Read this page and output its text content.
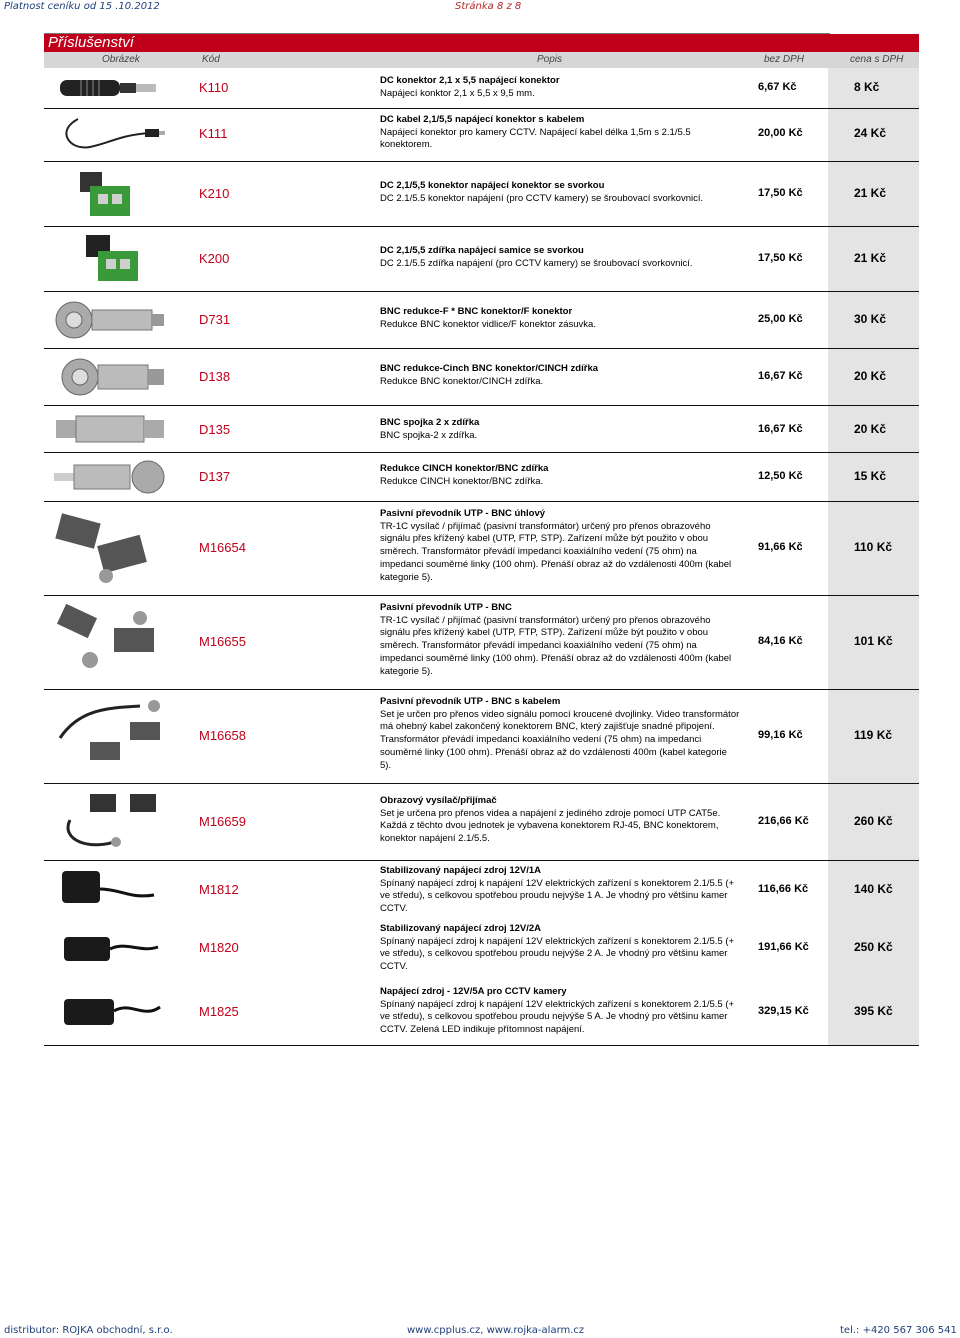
Platnost ceníku od 15 .10.2012	Stránka 8 z 8
Příslušenství
Obrázek	Kód	Popis	bez DPH	cena s DPH
K110	DC konektor 2,1 x 5,5 napájecí konektor
Napájecí konktor 2,1 x 5,5 x 9,5 mm.
6,67 Kč	8 Kč
K111
DC kabel 2,1/5,5 napájecí konektor s kabelem
Napájecí konektor pro kamery CCTV. Napájecí kabel délka 1,5m s 2.1/5.5 konektorem.
20,00 Kč	24 Kč
K210
DC 2,1/5,5 konektor napájecí konektor se svorkou
DC 2.1/5.5 konektor napájení (pro CCTV kamery) se šroubovací svorkovnicí.	17,50 Kč	21 Kč
K200
DC 2,1/5,5 zdířka napájecí samice se svorkou
DC 2.1/5.5 zdířka napájení (pro CCTV kamery) se šroubovací svorkovnicí.	17,50 Kč	21 Kč
D731
BNC redukce-F * BNC konektor/F konektor
Redukce BNC konektor vidlice/F konektor zásuvka.	25,00 Kč	30 Kč
D138
BNC redukce-Cinch BNC konektor/CINCH zdířka
Redukce BNC konektor/CINCH zdířka.	16,67 Kč	20 Kč
D135	BNC spojka 2 x zdířka
BNC spojka-2 x zdířka.
16,67 Kč	20 Kč
D137
Redukce CINCH konektor/BNC zdířka
Redukce CINCH konektor/BNC zdířka.	12,50 Kč	15 Kč
M16654
Pasivní převodník UTP - BNC úhlový
TR-1C vysílač / přijímač (pasivní transformátor) určený pro přenos obrazového signálu přes křížený kabel (UTP, FTP, STP). Zařízení může být použito v obou směrech. Transformátor převádí impedanci koaxiálního vedení (75 ohm) na impedanci souměrné linky (100 ohm). Přenáší obraz až do vzdálenosti 400m (kabel kategorie 5).
91,66 Kč	110 Kč
M16655
Pasivní převodník UTP - BNC
TR-1C vysílač / přijímač (pasivní transformátor) určený pro přenos obrazového signálu přes křížený kabel (UTP, FTP, STP). Zařízení může být použito v obou směrech. Transformátor převádí impedanci koaxiálního vedení (75 ohm) na impedanci souměrné linky (100 ohm). Přenáší obraz až do vzdálenosti 400m (kabel kategorie 5).
84,16 Kč	101 Kč
M16658
Pasivní převodník UTP - BNC s kabelem
Set je určen pro přenos video signálu pomocí kroucené dvojlinky. Video transformátor má ohebný kabel zakončený konektorem BNC, který zajišťuje snadné připojení. Transformátor převádí impedanci koaxiálního vedení (75 ohm) na impedanci souměrné linky (100 ohm). Přenáší obraz až do vzdálenosti 400m (kabel kategorie 5).
99,16 Kč	119 Kč
M16659
Obrazový vysílač/přijímač
Set je určena pro přenos videa a napájení z jediného zdroje pomocí UTP CAT5e. Každá z těchto dvou jednotek je vybavena konektorem RJ-45, BNC konektorem, konektor napájení 2.1/5.5.
216,66 Kč	260 Kč
M1812
Stabilizovaný napájecí zdroj 12V/1A
Spínaný napájecí zdroj k napájení 12V elektrických zařízení s konektorem 2.1/5.5 (+ ve středu), s celkovou spotřebou proudu nejvýše 1 A. Je vhodný pro většinu kamer CCTV.
116,66 Kč	140 Kč
M1820
Stabilizovaný napájecí zdroj 12V/2A
Spínaný napájecí zdroj k napájení 12V elektrických zařízení s konektorem 2.1/5.5 (+ ve středu), s celkovou spotřebou proudu nejvýše 2 A. Je vhodný pro většinu kamer CCTV.
191,66 Kč	250 Kč
M1825
Napájecí zdroj - 12V/5A pro CCTV kamery
Spínaný napájecí zdroj k napájení 12V elektrických zařízení s konektorem 2.1/5.5 (+ ve středu), s celkovou spotřebou proudu nejvýše 5 A. Je vhodný pro většinu kamer CCTV. Zelená LED indikuje přítomnost napájení.
329,15 Kč	395 Kč
distributor: ROJKA obchodní, s.r.o.	www.cpplus.cz, www.rojka-alarm.cz	tel.: +420 567 306 541
